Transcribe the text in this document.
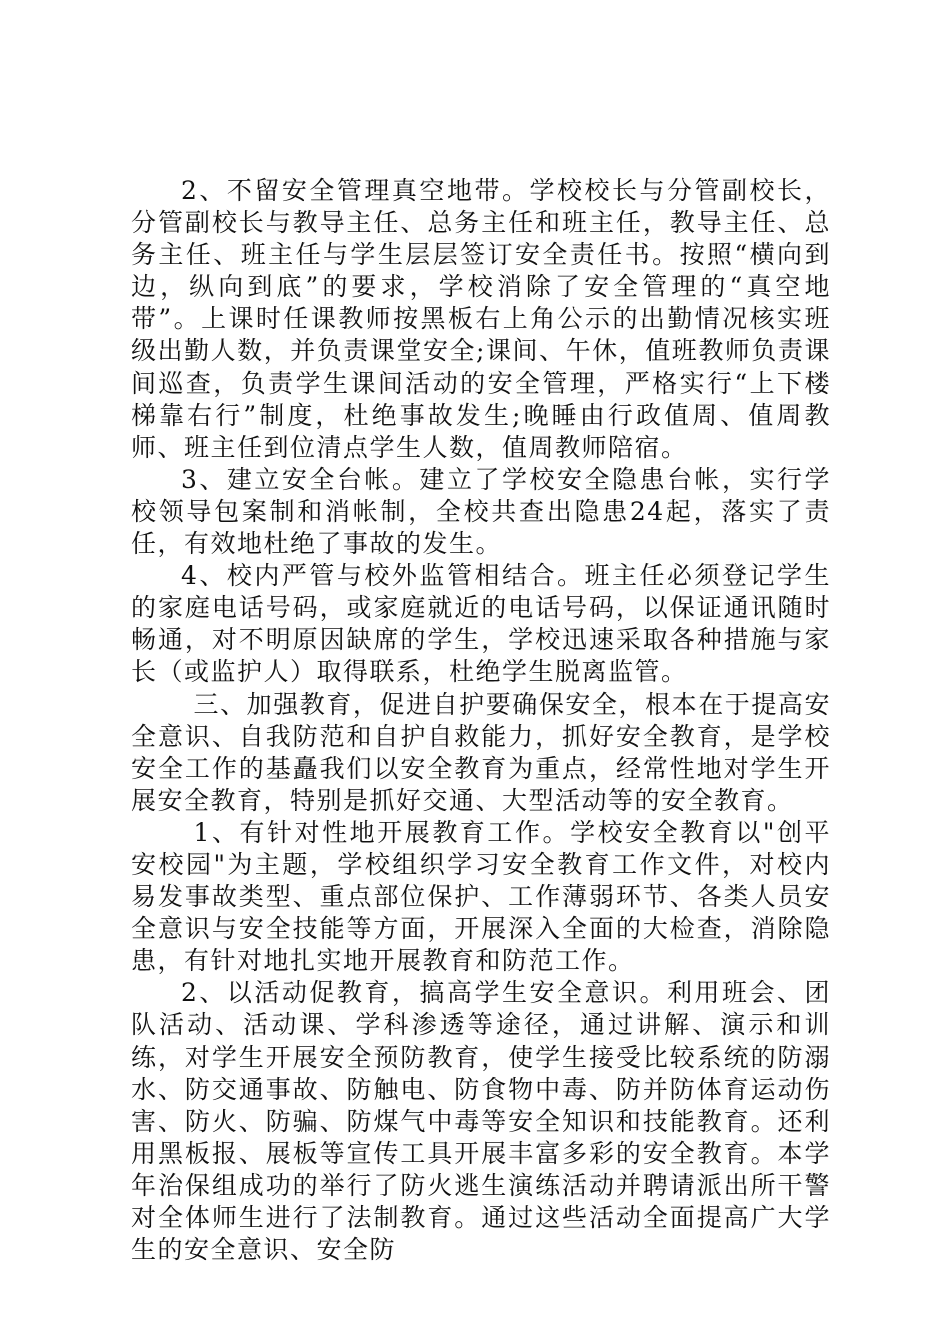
2、不留安全管理真空地带。学校校长与分管副校长，分管副校长与教导主任、总务主任和班主任，教导主任、总务主任、班主任与学生层层签订安全责任书。按照“横向到边，纵向到底”的要求，学校消除了安全管理的“真空地带”。上课时任课教师按黑板右上角公示的出勤情况核实班级出勤人数，并负责课堂安全;课间、午休，值班教师负责课间巡查，负责学生课间活动的安全管理，严格实行“上下楼梯靠右行”制度，杜绝事故发生;晚睡由行政值周、值周教师、班主任到位清点学生人数，值周教师陪宿。

3、建立安全台帐。建立了学校安全隐患台帐，实行学校领导包案制和消帐制，全校共查出隐患24起，落实了责任，有效地杜绝了事故的发生。

4、校内严管与校外监管相结合。班主任必须登记学生的家庭电话号码，或家庭就近的电话号码，以保证通讯随时畅通，对不明原因缺席的学生，学校迅速采取各种措施与家长（或监护人）取得联系，杜绝学生脱离监管。

三、加强教育，促进自护要确保安全，根本在于提高安全意识、自我防范和自护自救能力，抓好安全教育，是学校安全工作的基矗我们以安全教育为重点，经常性地对学生开展安全教育，特别是抓好交通、大型活动等的安全教育。

1、有针对性地开展教育工作。学校安全教育以"创平安校园"为主题，学校组织学习安全教育工作文件，对校内易发事故类型、重点部位保护、工作薄弱环节、各类人员安全意识与安全技能等方面，开展深入全面的大检查，消除隐患，有针对地扎实地开展教育和防范工作。

2、以活动促教育，搞高学生安全意识。利用班会、团队活动、活动课、学科渗透等途径，通过讲解、演示和训练，对学生开展安全预防教育，使学生接受比较系统的防溺水、防交通事故、防触电、防食物中毒、防并防体育运动伤害、防火、防骗、防煤气中毒等安全知识和技能教育。还利用黑板报、展板等宣传工具开展丰富多彩的安全教育。本学年治保组成功的举行了防火逃生演练活动并聘请派出所干警对全体师生进行了法制教育。通过这些活动全面提高广大学生的安全意识、安全防
